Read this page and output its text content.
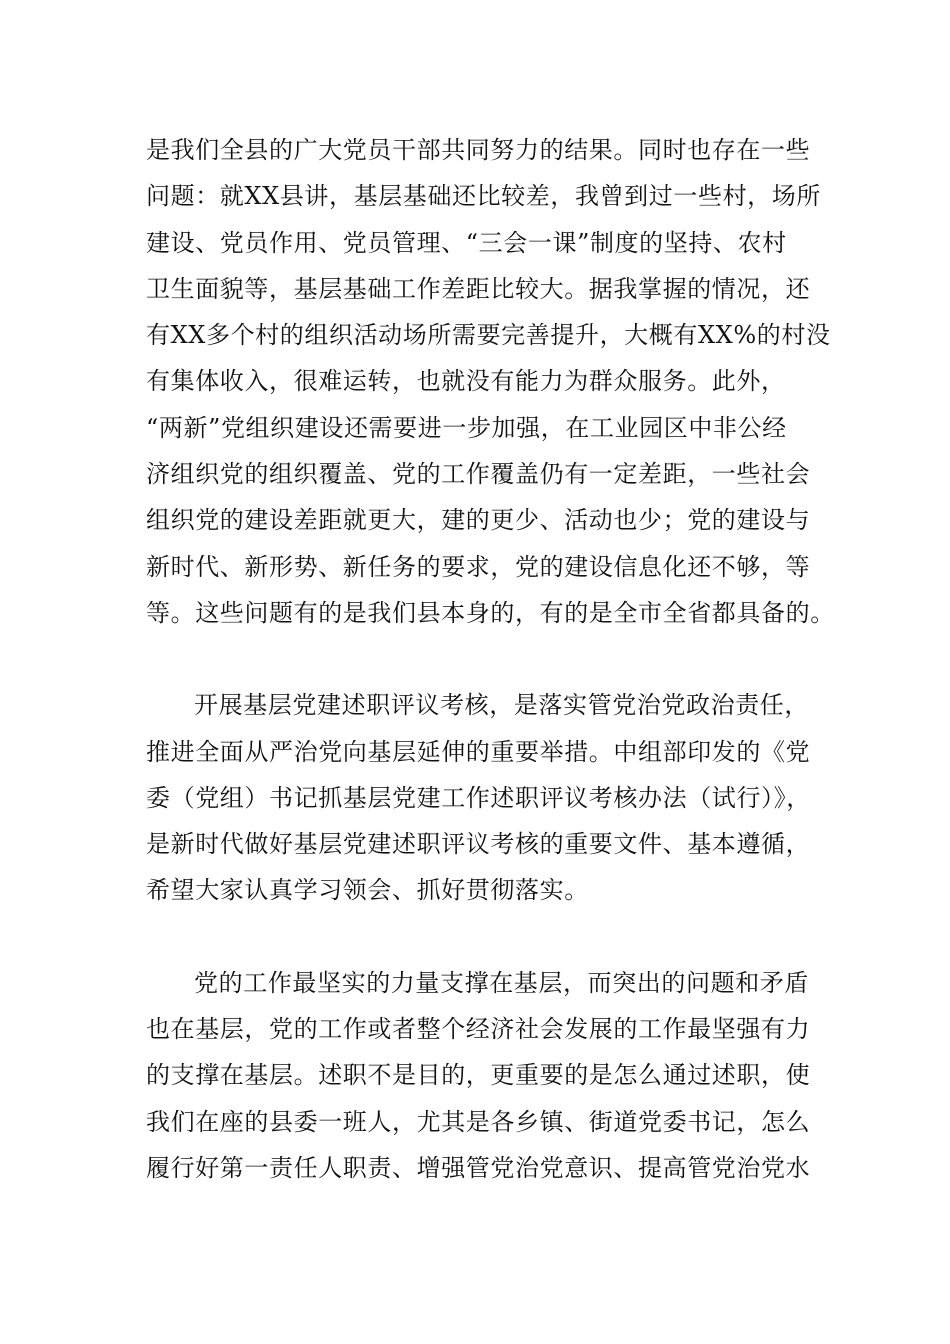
是我们全县的广大党员干部共同努力的结果。同时也存在一些
问题：就XX县讲，基层基础还比较差，我曾到过一些村，场所
建设、党员作用、党员管理、“三会一课”制度的坚持、农村
卫生面貌等，基层基础工作差距比较大。据我掌握的情况，还
有XX多个村的组织活动场所需要完善提升，大概有XX%的村没
有集体收入，很难运转，也就没有能力为群众服务。此外，
“两新”党组织建设还需要进一步加强，在工业园区中非公经
济组织党的组织覆盖、党的工作覆盖仍有一定差距，一些社会
组织党的建设差距就更大，建的更少、活动也少；党的建设与
新时代、新形势、新任务的要求，党的建设信息化还不够，等
等。这些问题有的是我们县本身的，有的是全市全省都具备的。

开展基层党建述职评议考核，是落实管党治党政治责任，
推进全面从严治党向基层延伸的重要举措。中组部印发的《党
委（党组）书记抓基层党建工作述职评议考核办法（试行）》，
是新时代做好基层党建述职评议考核的重要文件、基本遵循，
希望大家认真学习领会、抓好贯彻落实。

党的工作最坚实的力量支撑在基层，而突出的问题和矛盾
也在基层，党的工作或者整个经济社会发展的工作最坚强有力
的支撑在基层。述职不是目的，更重要的是怎么通过述职，使
我们在座的县委一班人，尤其是各乡镇、街道党委书记，怎么
履行好第一责任人职责、增强管党治党意识、提高管党治党水
